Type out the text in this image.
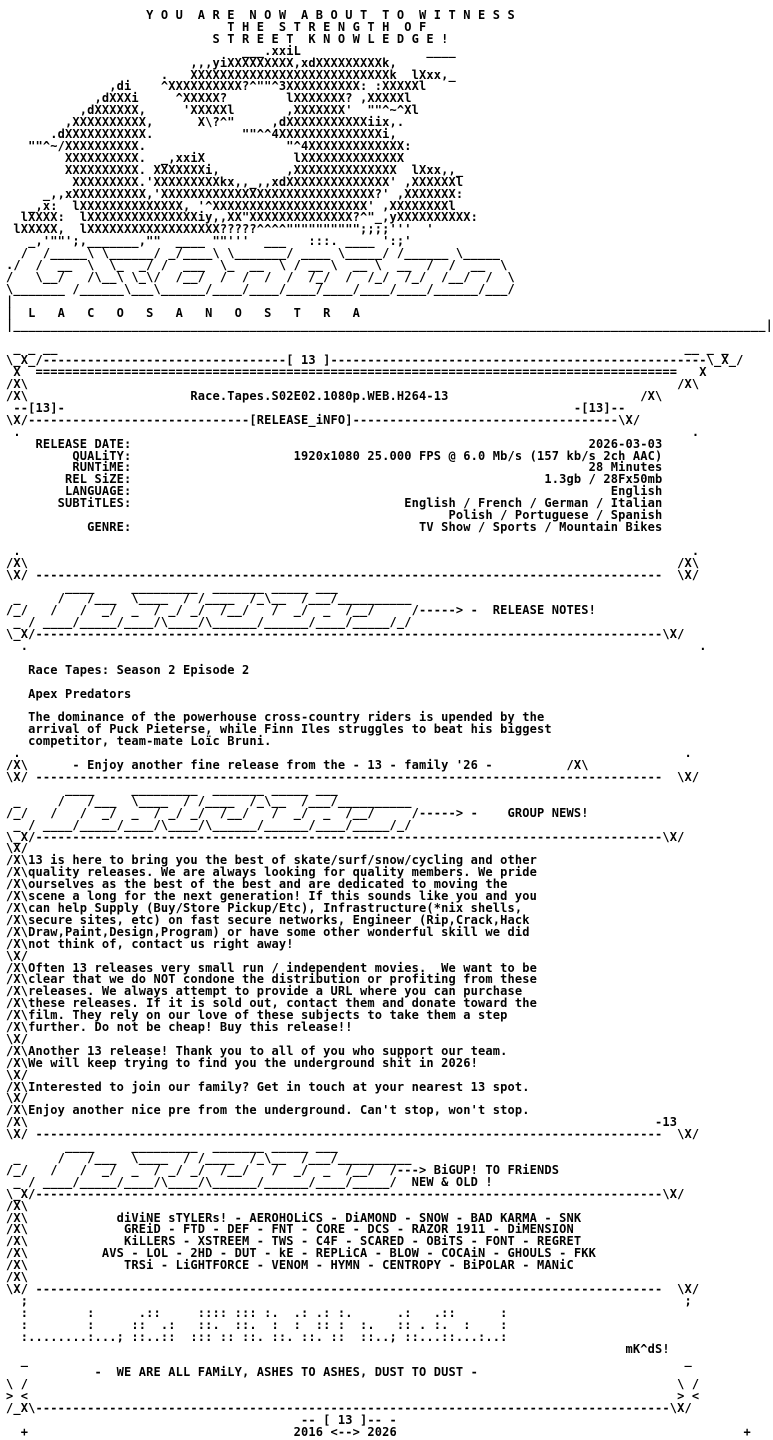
Y O U  A R E  N O W  A B O U T  T O  W I T N E S S
T H E  S T R E N G T H  O F
S T R E E T  K N O W L E D G E !
___.xxiL                 ____
,,,yiXXXXXXXXX,xdXXXXXXXXXk,
.   XXXXXXXXXXXXXXXXXXXXXXXXXXXk  lXxx,_
,di    ^XXXXXXXXXX?^""^3XXXXXXXXXX: :XXXXXl
,dXXXi     ^XXXXX?        lXXXXXXX? ,XXXXXl
,dXXXXXX,     'XXXXXl       ,XXXXXXX'  ""^~^Xl
,XXXXXXXXXX,      X\?^"     ,dXXXXXXXXXXXiix,.
.dXXXXXXXXXXX.            ""^^4XXXXXXXXXXXXXXi,
""^~/XXXXXXXXXX.                   "^4XXXXXXXXXXXXX:
XXXXXXXXXX.  _,xxiX            lXXXXXXXXXXXXXX
XXXXXXXXXX. XXXXXXXi,         ,XXXXXXXXXXXXXX  lXxx,,_
XXXXXXXXX.'XXXXXXXXXkx,,_,,xdXXXXXXXXXXXXXX' ,XXXXXXl
_,,xXXXXXXXXXX,'XXXXXXXXXXXXXXXXXXXXXXXXXXXXX?' ,XXXXXXX:
_,x:  lXXXXXXXXXXXXXX, '^XXXXXXXXXXXXXXXXXXXXX' ,XXXXXXXXl
lXXXX:  lXXXXXXXXXXXXXXXiy,,XX"XXXXXXXXXXXXXX?^"_,yXXXXXXXXXX:
lXXXXX,  lXXXXXXXXXXXXXXXXXX?????^^^^"""""""""";;;;'''  '
_,'""';,_______,""  ____ ""'''  ___   :::. ____ ':;'
/  /_____\ \______/ _/____\ \_______/ ____ \_____/ /______ \_____
./  /  __  \  \_  _/ /  ___  \_  __  \ / __ \  __ \  __  /  /  __  \
/   \__/   /\__\ \_\/  /__/  /  /  /  /  /_/  /  /_/  /_/  /__/  /  \
\_______ /______\___\______/____/____/____/____/____/____/______/___/
|
|  L   A   C   O   S   A   N   O   S   T   R   A
|______________________________________________________________________________________________________|

_ _ __                                                                                     __ _ _
\_X_/---------------------------------[ 13 ]---------------------------------------------------\_X_/
X  =======================================================================================   X
/X\                                                                                        /X\
/X\                      Race.Tapes.S02E02.1080p.WEB.H264-13                          /X\
--[13]-	-[13]--
\X/------------------------------[RELEASE_iNFO]------------------------------------\X/
.                                                                                           .
RELEASE DATE:	2026-03-03
QUALiTY:	1920x1080 25.000 FPS @ 6.0 Mb/s (157 kb/s 2ch AAC)
RUNTiME:	28 Minutes
REL SiZE:	1.3gb / 28Fx50mb
LANGUAGE:	English
SUBTiTLES:	English / French / German / Italian
Polish / Portuguese / Spanish
GENRE:	TV Show / Sports / Mountain Bikes

.                                                                                           .
/X\                                                                                        /X\
\X/ -------------------------------------------------------------------------------------  \X/
____     _________  _______ _____ ___
_     /   /___  \____  / /____  /_\__  /___/__________
/_/   /   /  _/  _  / _/ _/  /__/   /  _/  _  /__/     /-----> -  RELEASE NOTES!
_ / ____/_____/____/\____/\______/______/____/_____/_/
\_X/-------------------------------------------------------------------------------------\X/
.                                                                                           .

Race Tapes: Season 2 Episode 2

Apex Predators

The dominance of the powerhouse cross-country riders is upended by the
arrival of Puck Pieterse, while Finn Iles struggles to beat his biggest
competitor, team-mate Loïc Bruni.
.                                                                                          .
/X\      - Enjoy another fine release from the - 13 - family '26 -          /X\
\X/ -------------------------------------------------------------------------------------  \X/
____     _________  _______ _____ ___
_     /   /___  \____  / /____  /_\__  /___/__________
/_/   /   /  _/  _  / _/ _/  /__/   /  _/  _  /__/     /-----> -    GROUP NEWS!
_ / ____/_____/____/\____/\______/______/____/_____/_/
\_X/-------------------------------------------------------------------------------------\X/
\X/
/X\13 is here to bring you the best of skate/surf/snow/cycling and other
/X\quality releases. We are always looking for quality members. We pride
/X\ourselves as the best of the best and are dedicated to moving the
/X\scene a long for the next generation! If this sounds like you and you
/X\can help Supply (Buy/Store Pickup/Etc), Infrastructure(*nix shells,
/X\secure sites, etc) on fast secure networks, Engineer (Rip,Crack,Hack
/X\Draw,Paint,Design,Program) or have some other wonderful skill we did
/X\not think of, contact us right away!
\X/
/X\Often 13 releases very small run / independent movies.  We want to be
/X\clear that we do NOT condone the distribution or profiting from these
/X\releases. We always attempt to provide a URL where you can purchase
/X\these releases. If it is sold out, contact them and donate toward the
/X\film. They rely on our love of these subjects to take them a step
/X\further. Do not be cheap! Buy this release!!
\X/
/X\Another 13 release! Thank you to all of you who support our team.
/X\We will keep trying to find you the underground shit in 2026!
\X/
/X\Interested to join our family? Get in touch at your nearest 13 spot.
\X/
/X\Enjoy another nice pre from the underground. Can't stop, won't stop.
/X\                                                                                     -13
\X/ -------------------------------------------------------------------------------------  \X/
____     _________  _______ _____ ___
_     /   /___  \____  / /____  /_\__  /___/__________
/_/   /   /  _/  _  / _/ _/  /__/   /  _/  _  /__/  /---> BiGUP! TO FRiENDS
_ / ____/_____/____/\____/\______/______/____/_____/  NEW & OLD !
\_X/-------------------------------------------------------------------------------------\X/
/X\
/X\            diViNE sTYLERs! - AEROHOLiCS - DiAMOND - SNOW - BAD KARMA - SNK
/X\             GREiD - FTD - DEF - FNT - CORE - DCS - RAZOR 1911 - DiMENSION
/X\             KiLLERS - XSTREEM - TWS - C4F - SCARED - OBiTS - FONT - REGRET
/X\          AVS - LOL - 2HD - DUT - kE - REPLiCA - BLOW - COCAiN - GHOULS - FKK
/X\             TRSi - LiGHTFORCE - VENOM - HYMN - CENTROPY - BiPOLAR - MANiC
/X\
\X/ -------------------------------------------------------------------------------------  \X/
;                                                                                         ;
:        :      .::     :::: ::: :.  .: .: :.      .:   .::      :
:        :     ::  .:   ::.  ::.  :  :  :: :  :.   :: . :.  :    :
:........:...; ::..::  ::: :: ::. ::. ::. ::  ::..; ::...::...:..:
mK^dS!
_                                                                                         _
-  WE ARE ALL FAMiLY, ASHES TO ASHES, DUST TO DUST -
\ /                                                                                        \ /
> <                                                                                        > <
/_X\--------------------------------------------------------------------------------------\X/
-- [ 13 ]-- -
+                                    2016 <--> 2026                                               +
